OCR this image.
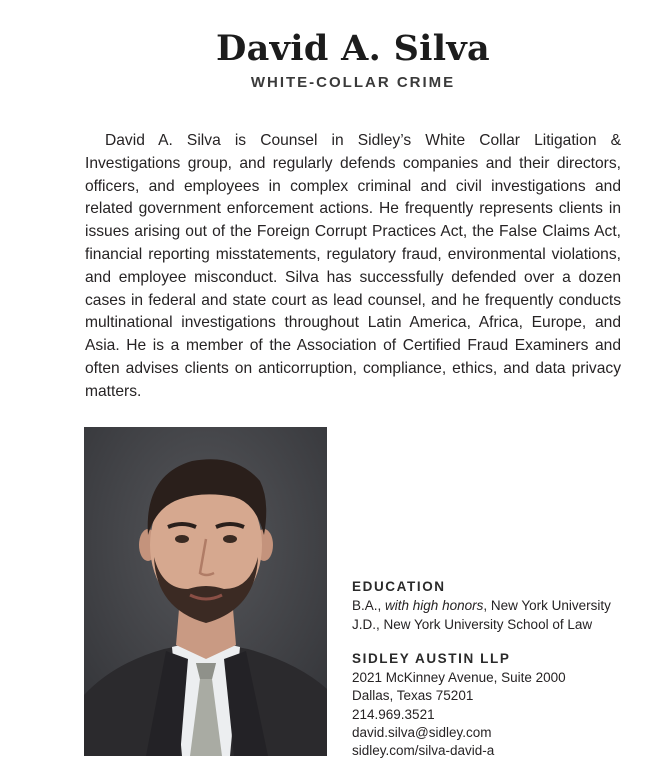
David A. Silva
WHITE-COLLAR CRIME

David A. Silva is Counsel in Sidley’s White Collar Litigation & Investigations group, and regularly defends companies and their directors, officers, and employees in complex criminal and civil investigations and related government enforcement actions. He frequently represents clients in issues arising out of the Foreign Corrupt Practices Act, the False Claims Act, financial reporting misstatements, regulatory fraud, environmental violations, and employee misconduct. Silva has successfully defended over a dozen cases in federal and state court as lead counsel, and he frequently conducts multinational investigations throughout Latin America, Africa, Europe, and Asia. He is a member of the Association of Certified Fraud Examiners and often advises clients on anticorruption, compliance, ethics, and data privacy matters.

EDUCATION

B.A., with high honors, New York University

J.D., New York University School of Law

SIDLEY AUSTIN LLP

2021 McKinney Avenue, Suite 2000

Dallas, Texas 75201

214.969.3521

david.silva@sidley.com

sidley.com/silva-david-a
